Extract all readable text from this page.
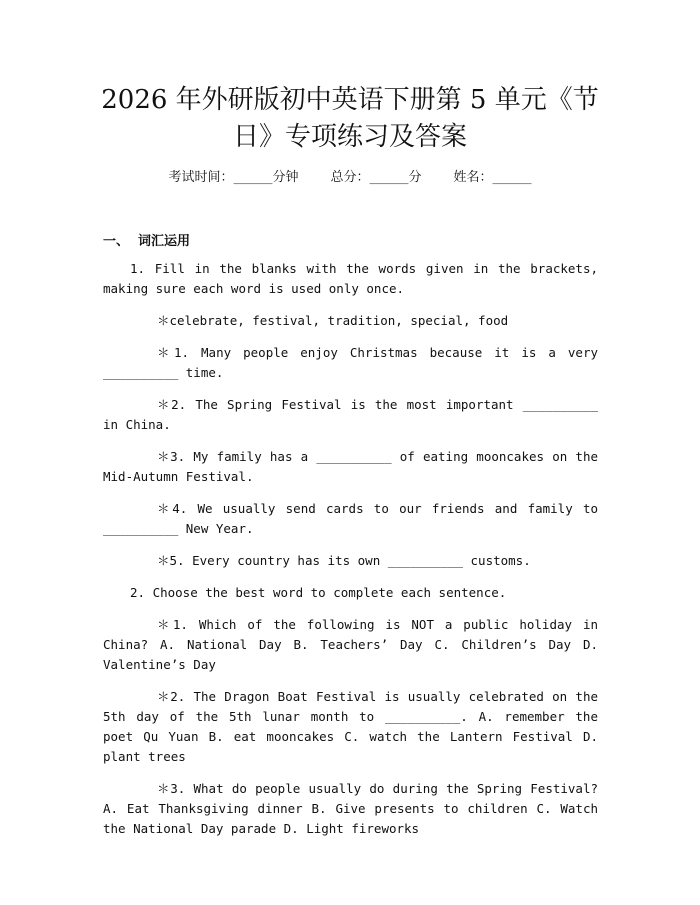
2026 年外研版初中英语下册第 5 单元《节
日》专项练习及答案
考试时间：______分钟 总分：______分 姓名：______
一、 词汇运用

1. Fill in the blanks with the words given in the brackets, making sure each word is used only once.

＊celebrate, festival, tradition, special, food

＊1. Many people enjoy Christmas because it is a very __________ time.

＊2. The Spring Festival is the most important __________ in China.

＊3. My family has a __________ of eating mooncakes on the Mid-Autumn Festival.

＊4. We usually send cards to our friends and family to __________ New Year.

＊5. Every country has its own __________ customs.

2. Choose the best word to complete each sentence.

＊1. Which of the following is NOT a public holiday in China? A. National Day B. Teachers’ Day C. Children’s Day D. Valentine’s Day

＊2. The Dragon Boat Festival is usually celebrated on the 5th day of the 5th lunar month to __________. A. remember the poet Qu Yuan B. eat mooncakes C. watch the Lantern Festival D. plant trees

＊3. What do people usually do during the Spring Festival? A. Eat Thanksgiving dinner B. Give presents to children C. Watch the National Day parade D. Light fireworks
